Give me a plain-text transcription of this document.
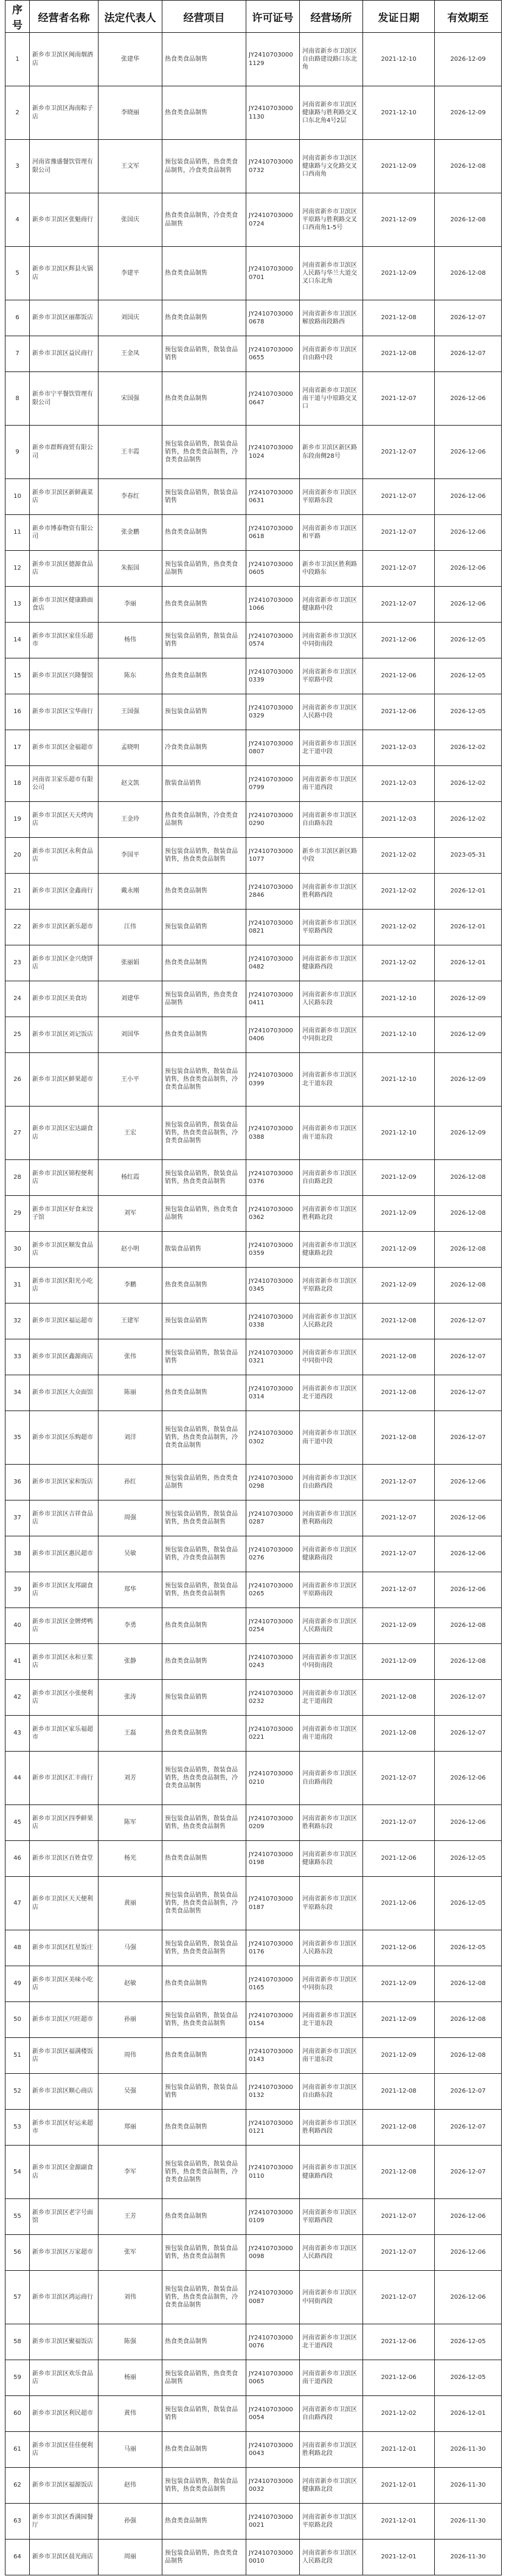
序号	经营者名称	法定代表人	经营项目	许可证号	经营场所	发证日期	有效期至
1	新乡市卫滨区闽南烟酒店	张建华	热食类食品制售	JY24107030001129	河南省新乡市卫滨区自由路建设路口东北角	2021-12-10	2026-12-09
2	新乡市卫滨区海南粽子店	李晓丽	热食类食品制售	JY24107030001130	河南省新乡市卫滨区健康路与胜利路交叉口东北角4号2层	2021-12-10	2026-12-09
3	河南省豫盛餐饮管理有限公司	王文军	预包装食品销售，热食类食品制售，冷食类食品制售	JY24107030000732	河南省新乡市卫滨区健康路与文化路交叉口西南角	2021-12-09	2026-12-08
4	新乡市卫滨区张魁商行	张国庆	热食类食品制售，冷食类食品制售	JY24107030000724	河南省新乡市卫滨区平原路与胜利路交叉口西南角1-5号	2021-12-09	2026-12-08
5	新乡市卫滨区辉县火锅店	李建平	热食类食品制售	JY24107030000701	河南省新乡市卫滨区人民路与华兰大道交叉口东北角	2021-12-09	2026-12-08
6	新乡市卫滨区丽都饭店	刘国庆	热食类食品制售	JY24107030000678	河南省新乡市卫滨区解放路南段路西	2021-12-08	2026-12-07
7	新乡市卫滨区益民商行	王金凤	预包装食品销售，散装食品销售	JY24107030000655	河南省新乡市卫滨区自由路中段	2021-12-08	2026-12-07
8	新乡市宁平餐饮管理有限公司	宋国强	热食类食品制售	JY24107030000647	河南省新乡市卫滨区南干道与中原路交叉口	2021-12-07	2026-12-06
9	新乡市群辉商贸有限公司	王丰霞	预包装食品销售，散装食品销售，热食类食品制售，冷食类食品制售	JY24107030001024	新乡市卫滨区新区路东段南侧28号	2021-12-07	2026-12-06
10	新乡市卫滨区新鲜蔬菜店	李春红	预包装食品销售，散装食品销售	JY24107030000631	河南省新乡市卫滨区平原路东段	2021-12-07	2026-12-06
11	新乡市博泰物资有限公司	张金鹏	热食类食品制售	JY24107030000618	河南省新乡市卫滨区和平路	2021-12-07	2026-12-06
12	新乡市卫滨区德源食品店	朱振国	预包装食品销售，热食类食品制售	JY24107030000605	新乡市卫滨区胜利路中段路东	2021-12-07	2026-12-06
13	新乡市卫滨区健康路面食店	李丽	热食类食品制售	JY24107030001066	河南省新乡市卫滨区健康路中段	2021-12-07	2026-12-06
14	新乡市卫滨区家佳乐超市	杨伟	预包装食品销售，散装食品销售	JY24107030000574	河南省新乡市卫滨区中同街南段	2021-12-06	2026-12-05
15	新乡市卫滨区兴隆餐馆	陈东	热食类食品制售	JY24107030000339	河南省新乡市卫滨区平原路中段	2021-12-06	2026-12-05
16	新乡市卫滨区宝华商行	王国强	预包装食品销售	JY24107030000329	河南省新乡市卫滨区人民路中段	2021-12-06	2026-12-05
17	新乡市卫滨区金福超市	孟晓明	冷食类食品制售	JY24107030000807	河南省新乡市卫滨区北干道中段	2021-12-03	2026-12-02
18	河南省卫家乐超市有限公司	赵文凯	散装食品销售	JY24107030000799	河南省新乡市卫滨区南干道西段	2021-12-03	2026-12-02
19	新乡市卫滨区天天烤肉店	王金玲	热食类食品制售，冷食类食品制售	JY24107030000290	河南省新乡市卫滨区自由路东段	2021-12-03	2026-12-02
20	新乡市卫滨区永利食品店	李国平	预包装食品销售，散装食品销售，热食类食品制售	JY24107030001077	新乡市卫滨区新区路中段	2021-12-02	2023-05-31
21	新乡市卫滨区金鑫商行	戴永刚	热食类食品制售	JY24107030002846	河南省新乡市卫滨区胜利路西段	2021-12-02	2026-12-01
22	新乡市卫滨区新乐超市	江伟	预包装食品销售	JY24107030000821	河南省新乡市卫滨区平原路西段	2021-12-02	2026-12-01
23	新乡市卫滨区金兴烧饼店	张丽娟	热食类食品制售	JY24107030000482	河南省新乡市卫滨区健康路西段	2021-12-02	2026-12-01
24	新乡市卫滨区美食坊	刘建华	预包装食品销售，热食类食品制售	JY24107030000411	河南省新乡市卫滨区人民路东段	2021-12-10	2026-12-09
25	新乡市卫滨区刘记饭店	刘国华	热食类食品制售	JY24107030000406	河南省新乡市卫滨区中同街北段	2021-12-10	2026-12-09
26	新乡市卫滨区鲜果超市	王小平	预包装食品销售，散装食品销售，热食类食品制售，冷食类食品制售	JY24107030000399	河南省新乡市卫滨区北干道东段	2021-12-10	2026-12-09
27	新乡市卫滨区宏达副食店	王宏	预包装食品销售，散装食品销售，热食类食品制售，冷食类食品制售	JY24107030000388	河南省新乡市卫滨区南干道东段	2021-12-10	2026-12-09
28	新乡市卫滨区锦程便利店	杨红霞	预包装食品销售，散装食品销售，热食类食品制售	JY24107030000376	河南省新乡市卫滨区自由路北段	2021-12-09	2026-12-08
29	新乡市卫滨区好食来饺子馆	刘军	预包装食品销售，热食类食品制售	JY24107030000362	河南省新乡市卫滨区胜利路北段	2021-12-09	2026-12-08
30	新乡市卫滨区顺发食品店	赵小明	散装食品销售	JY24107030000359	河南省新乡市卫滨区健康路北段	2021-12-09	2026-12-08
31	新乡市卫滨区阳光小吃店	李鹏	热食类食品制售	JY24107030000345	河南省新乡市卫滨区平原路北段	2021-12-09	2026-12-08
32	新乡市卫滨区福运超市	王建军	预包装食品销售	JY24107030000338	河南省新乡市卫滨区人民路北段	2021-12-08	2026-12-07
33	新乡市卫滨区鑫源商店	张伟	预包装食品销售，散装食品销售	JY24107030000321	河南省新乡市卫滨区中同街中段	2021-12-08	2026-12-07
34	新乡市卫滨区大众面馆	陈丽	热食类食品制售	JY24107030000314	河南省新乡市卫滨区北干道西段	2021-12-08	2026-12-07
35	新乡市卫滨区乐购超市	刘洋	预包装食品销售，散装食品销售，热食类食品制售，冷食类食品制售	JY24107030000302	河南省新乡市卫滨区南干道中段	2021-12-08	2026-12-07
36	新乡市卫滨区家和饭店	孙红	预包装食品销售，热食类食品制售	JY24107030000298	河南省新乡市卫滨区自由路西段	2021-12-07	2026-12-06
37	新乡市卫滨区吉祥食品店	周强	预包装食品销售，散装食品销售，热食类食品制售	JY24107030000287	河南省新乡市卫滨区胜利路南段	2021-12-07	2026-12-06
38	新乡市卫滨区惠民超市	吴敏	预包装食品销售，散装食品销售，冷食类食品制售	JY24107030000276	河南省新乡市卫滨区健康路南段	2021-12-07	2026-12-06
39	新乡市卫滨区友邦副食店	郑华	预包装食品销售，散装食品销售，热食类食品制售	JY24107030000265	河南省新乡市卫滨区平原路南段	2021-12-07	2026-12-06
40	新乡市卫滨区金牌烤鸭店	李勇	热食类食品制售	JY24107030000254	河南省新乡市卫滨区人民路南段	2021-12-09	2026-12-08
41	新乡市卫滨区永和豆浆店	张静	热食类食品制售	JY24107030000243	河南省新乡市卫滨区中同街南段	2021-12-09	2026-12-08
42	新乡市卫滨区小张便利店	张涛	预包装食品销售	JY24107030000232	河南省新乡市卫滨区北干道南段	2021-12-08	2026-12-07
43	新乡市卫滨区家乐福超市	王磊	热食类食品制售	JY24107030000221	河南省新乡市卫滨区南干道南段	2021-12-08	2026-12-07
44	新乡市卫滨区汇丰商行	刘芳	预包装食品销售，散装食品销售，热食类食品制售，冷食类食品制售	JY24107030000210	河南省新乡市卫滨区自由路南段	2021-12-07	2026-12-06
45	新乡市卫滨区四季鲜果店	陈军	预包装食品销售，散装食品销售，热食类食品制售	JY24107030000209	河南省新乡市卫滨区胜利路东段	2021-12-07	2026-12-06
46	新乡市卫滨区百姓食堂	杨光	热食类食品制售	JY24107030000198	河南省新乡市卫滨区健康路东段	2021-12-06	2026-12-05
47	新乡市卫滨区天天便利店	黄丽	预包装食品销售，散装食品销售，热食类食品制售，冷食类食品制售	JY24107030000187	河南省新乡市卫滨区平原路东段	2021-12-06	2026-12-05
48	新乡市卫滨区红星饭庄	马强	预包装食品销售，散装食品销售，热食类食品制售	JY24107030000176	河南省新乡市卫滨区人民路东段	2021-12-06	2026-12-05
49	新乡市卫滨区美味小吃店	赵敏	热食类食品制售	JY24107030000165	河南省新乡市卫滨区中同街东段	2021-12-09	2026-12-08
50	新乡市卫滨区兴旺超市	孙丽	预包装食品销售，散装食品销售，热食类食品制售	JY24107030000154	河南省新乡市卫滨区北干道东段	2021-12-09	2026-12-08
51	新乡市卫滨区福满楼饭店	周伟	热食类食品制售	JY24107030000143	河南省新乡市卫滨区南干道东段	2021-12-09	2026-12-08
52	新乡市卫滨区顺心商店	吴强	预包装食品销售，散装食品销售	JY24107030000132	河南省新乡市卫滨区自由路东段	2021-12-08	2026-12-07
53	新乡市卫滨区好运来超市	郑丽	热食类食品制售	JY24107030000121	河南省新乡市卫滨区胜利路西段	2021-12-08	2026-12-07
54	新乡市卫滨区金源副食店	李军	预包装食品销售，散装食品销售，热食类食品制售，冷食类食品制售	JY24107030000110	河南省新乡市卫滨区健康路西段	2021-12-08	2026-12-07
55	新乡市卫滨区老字号面馆	王芳	热食类食品制售	JY24107030000109	河南省新乡市卫滨区平原路西段	2021-12-07	2026-12-06
56	新乡市卫滨区万家超市	张军	预包装食品销售，散装食品销售，热食类食品制售	JY24107030000098	河南省新乡市卫滨区人民路西段	2021-12-07	2026-12-06
57	新乡市卫滨区鸿运商行	刘伟	预包装食品销售，散装食品销售，热食类食品制售，冷食类食品制售	JY24107030000087	河南省新乡市卫滨区中同街西段	2021-12-07	2026-12-06
58	新乡市卫滨区聚福饭店	陈强	热食类食品制售	JY24107030000076	河南省新乡市卫滨区北干道西段	2021-12-06	2026-12-05
59	新乡市卫滨区欢乐食品店	杨丽	预包装食品销售，热食类食品制售	JY24107030000065	河南省新乡市卫滨区南干道西段	2021-12-06	2026-12-05
60	新乡市卫滨区利民超市	黄伟	预包装食品销售，散装食品销售	JY24107030000054	河南省新乡市卫滨区自由路西段	2021-12-02	2026-12-01
61	新乡市卫滨区佳佳便利店	马丽	热食类食品制售	JY24107030000043	河南省新乡市卫滨区胜利路北段	2021-12-01	2026-11-30
62	新乡市卫滨区福源饭店	赵伟	预包装食品销售，散装食品销售，热食类食品制售	JY24107030000032	河南省新乡市卫滨区健康路北段	2021-12-01	2026-11-30
63	新乡市卫滨区香满园餐厅	孙强	热食类食品制售	JY24107030000021	河南省新乡市卫滨区平原路北段	2021-12-01	2026-11-30
64	新乡市卫滨区晨光商店	周丽	预包装食品销售，热食类食品制售	JY24107030000010	河南省新乡市卫滨区人民路北段	2021-12-01	2026-11-30
